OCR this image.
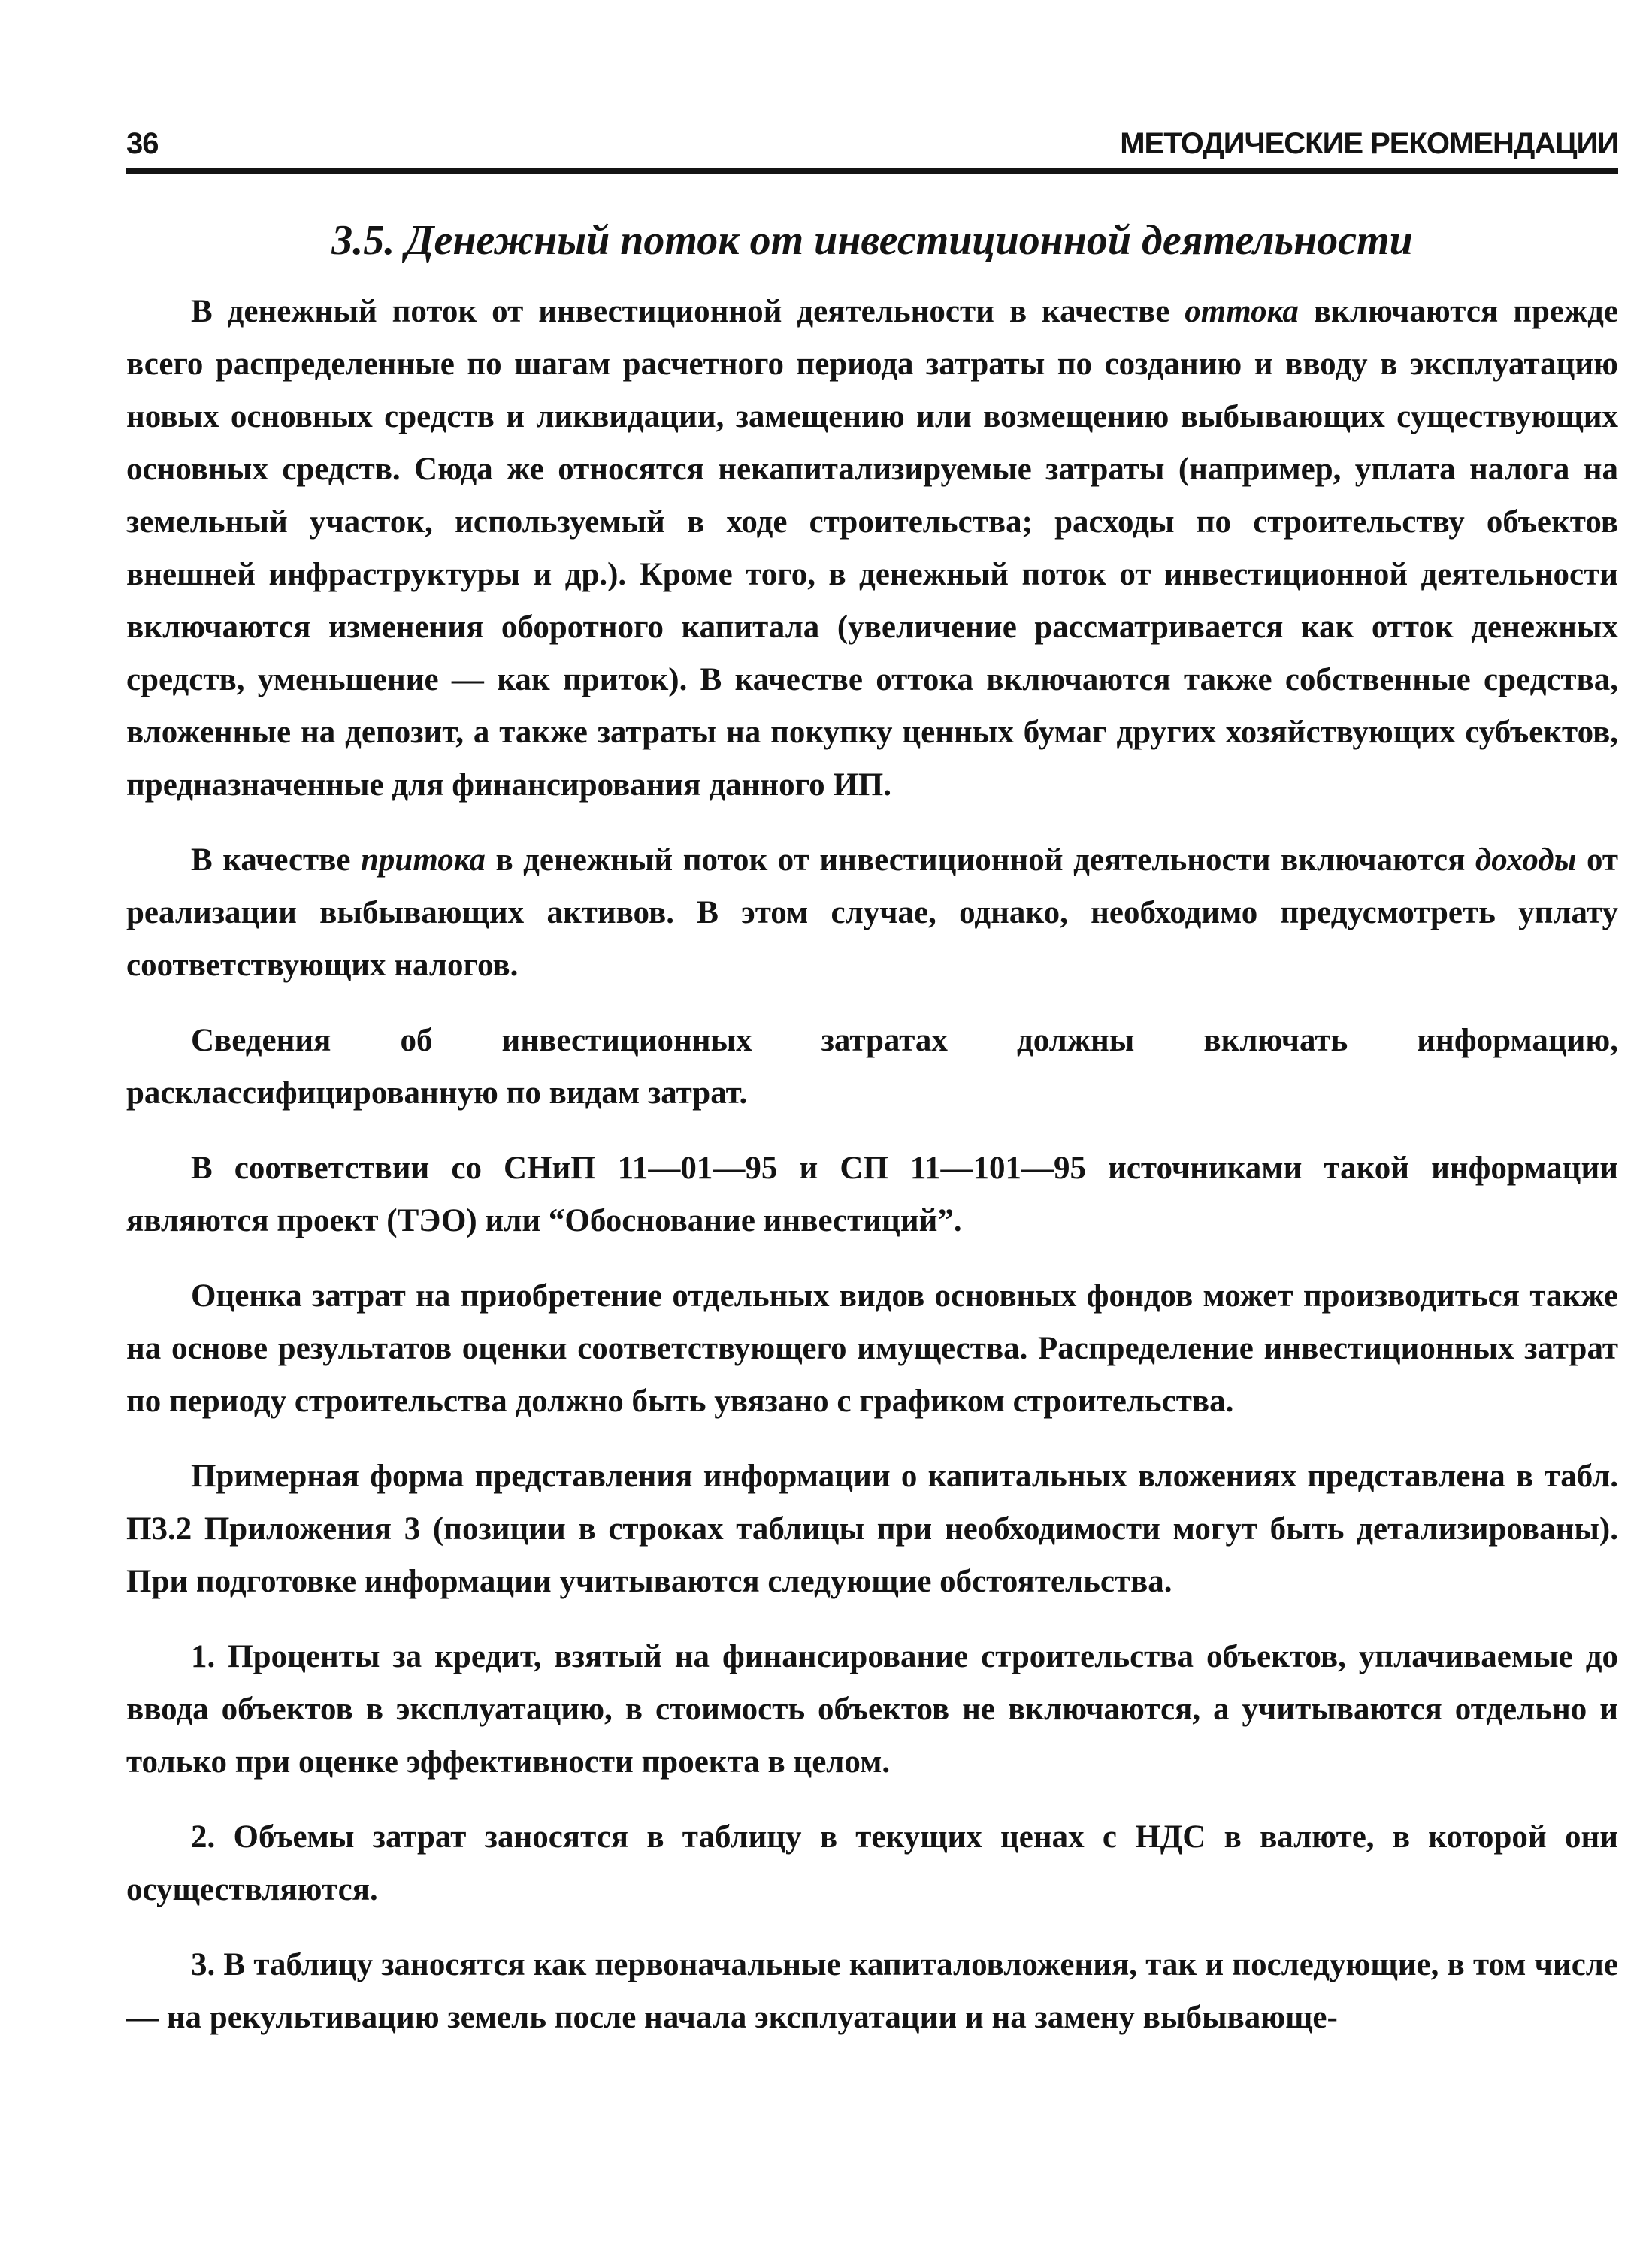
36	МЕТОДИЧЕСКИЕ РЕКОМЕНДАЦИИ
3.5. Денежный поток от инвестиционной деятельности

В денежный поток от инвестиционной деятельности в качестве оттока включаются прежде всего распределенные по шагам расчетного периода затраты по созданию и вводу в эксплуатацию новых основных средств и ликвидации, замещению или возмещению выбывающих существующих основных средств. Сюда же относятся некапитализируемые затраты (например, уплата налога на земельный участок, используемый в ходе строительства; расходы по строительству объектов внешней инфраструктуры и др.). Кроме того, в денежный поток от инвестиционной деятельности включаются изменения оборотного капитала (увеличение рассматривается как отток денежных средств, уменьшение — как приток). В качестве оттока включаются также собственные средства, вложенные на депозит, а также затраты на покупку ценных бумаг других хозяйствующих субъектов, предназначенные для финансирования данного ИП.

В качестве притока в денежный поток от инвестиционной деятельности включаются доходы от реализации выбывающих активов. В этом случае, однако, необходимо предусмотреть уплату соответствующих налогов.

Сведения об инвестиционных затратах должны включать информацию, расклассифицированную по видам затрат.

В соответствии со СНиП 11—01—95 и СП 11—101—95 источниками такой информации являются проект (ТЭО) или “Обоснование инвестиций”.

Оценка затрат на приобретение отдельных видов основных фондов может производиться также на основе результатов оценки соответствующего имущества. Распределение инвестиционных затрат по периоду строительства должно быть увязано с графиком строительства.

Примерная форма представления информации о капитальных вложениях представлена в табл. П3.2 Приложения 3 (позиции в строках таблицы при необходимости могут быть детализированы). При подготовке информации учитываются следующие обстоятельства.

1. Проценты за кредит, взятый на финансирование строительства объектов, уплачиваемые до ввода объектов в эксплуатацию, в стоимость объектов не включаются, а учитываются отдельно и только при оценке эффективности проекта в целом.

2. Объемы затрат заносятся в таблицу в текущих ценах с НДС в валюте, в которой они осуществляются.

3. В таблицу заносятся как первоначальные капиталовложения, так и последующие, в том числе — на рекультивацию земель после начала эксплуатации и на замену выбывающе-
